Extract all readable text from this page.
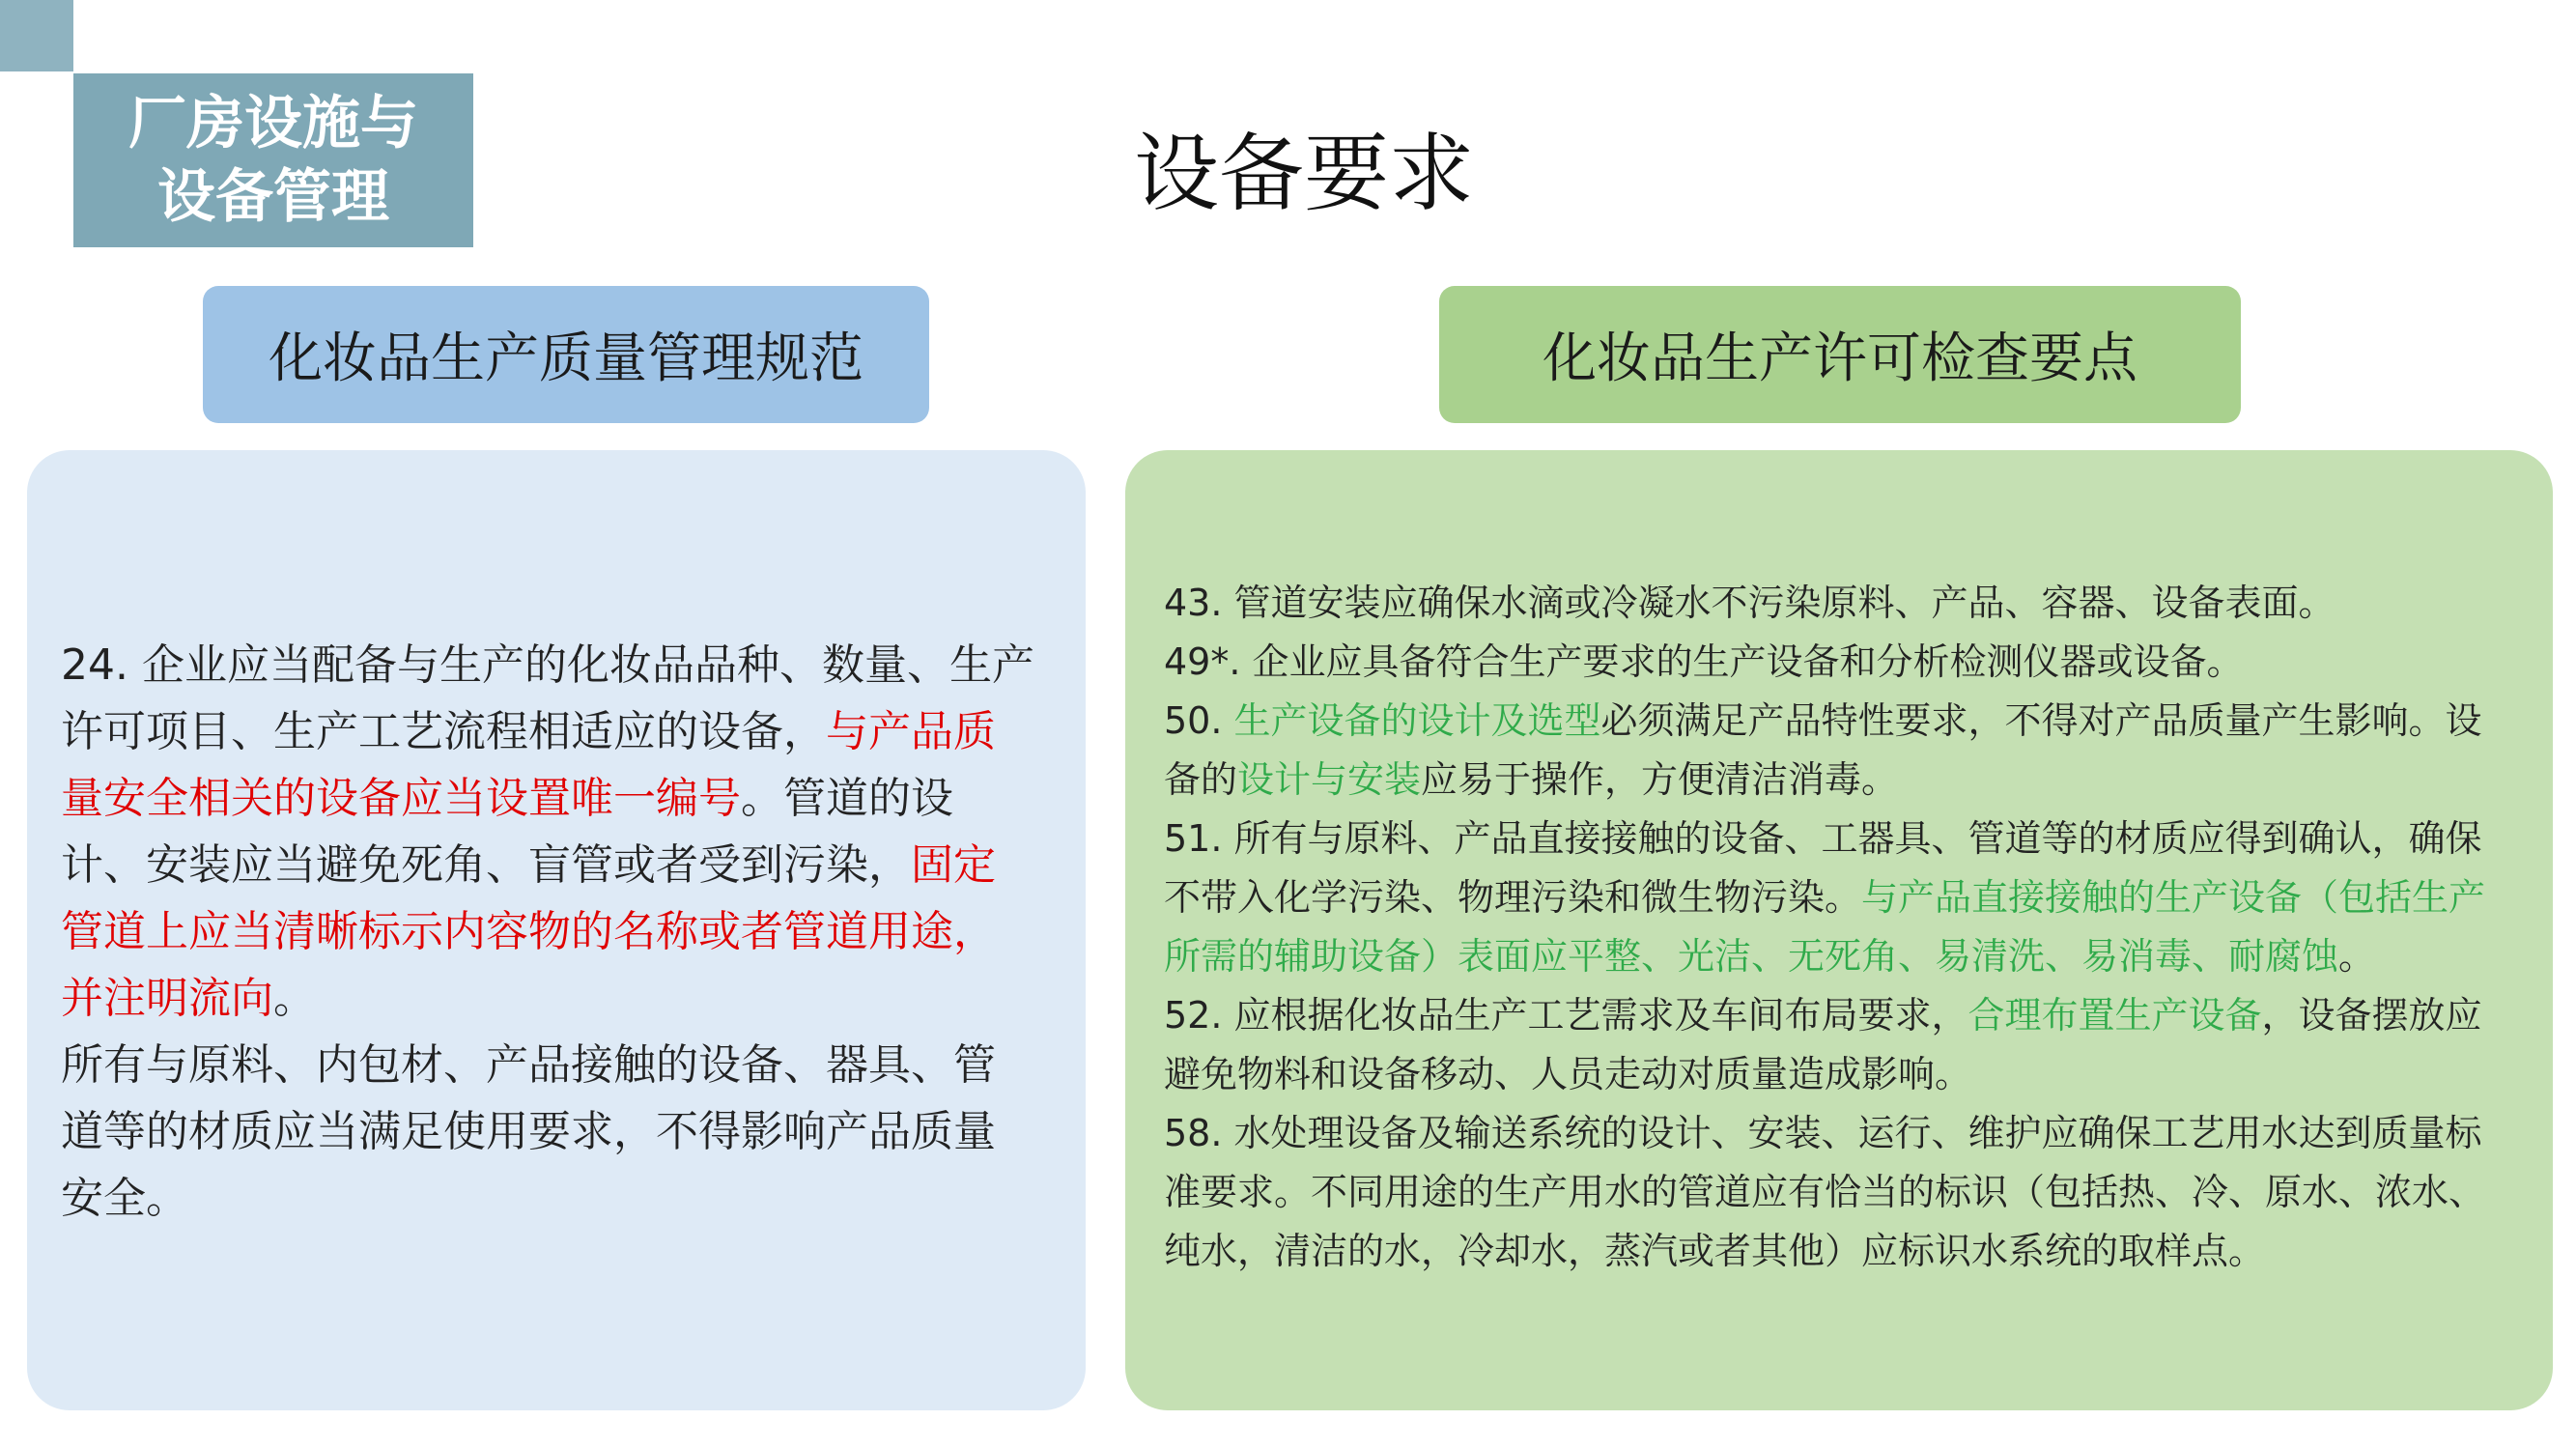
厂房设施与
设备管理	设备要求
化妆品生产质量管理规范	化妆品生产许可检查要点

24. 企业应当配备与生产的化妆品品种、数量、生产许可项目、生产工艺流程相适应的设备，与产品质量安全相关的设备应当设置唯一编号。管道的设计、安装应当避免死角、盲管或者受到污染，固定管道上应当清晰标示内容物的名称或者管道用途，并注明流向。

所有与原料、内包材、产品接触的设备、器具、管道等的材质应当满足使用要求，不得影响产品质量安全。

43. 管道安装应确保水滴或冷凝水不污染原料、产品、容器、设备表面。

49*. 企业应具备符合生产要求的生产设备和分析检测仪器或设备。

50. 生产设备的设计及选型必须满足产品特性要求，不得对产品质量产生影响。设备的设计与安装应易于操作，方便清洁消毒。

51. 所有与原料、产品直接接触的设备、工器具、管道等的材质应得到确认，确保不带入化学污染、物理污染和微生物污染。与产品直接接触的生产设备（包括生产所需的辅助设备）表面应平整、光洁、无死角、易清洗、易消毒、耐腐蚀。

52. 应根据化妆品生产工艺需求及车间布局要求，合理布置生产设备，设备摆放应避免物料和设备移动、人员走动对质量造成影响。

58. 水处理设备及输送系统的设计、安装、运行、维护应确保工艺用水达到质量标准要求。不同用途的生产用水的管道应有恰当的标识（包括热、冷、原水、浓水、纯水，清洁的水，冷却水，蒸汽或者其他）应标识水系统的取样点。
